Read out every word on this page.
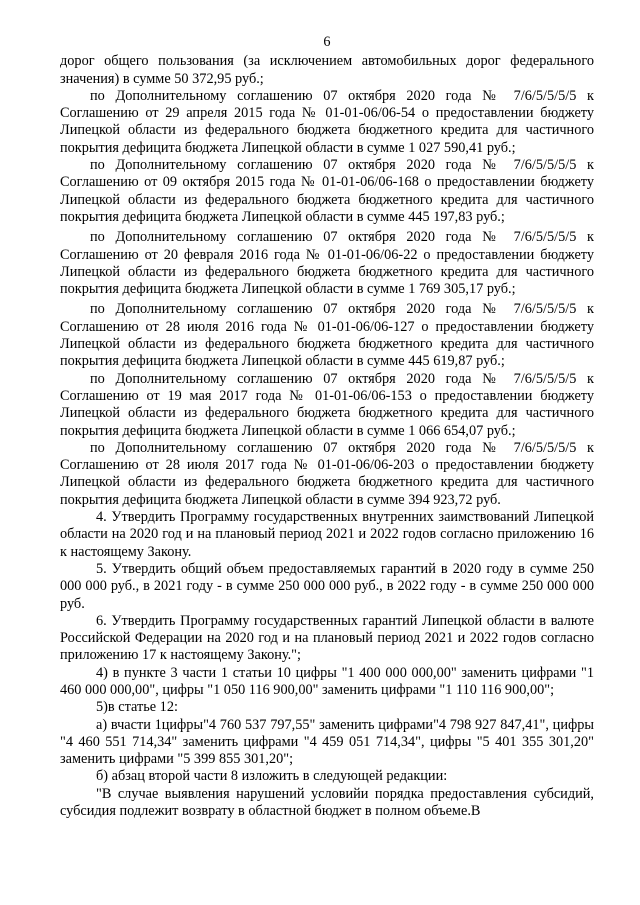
6

дорог общего пользования (за исключением автомобильных дорог федерального значения) в сумме 50 372,95 руб.;

по Дополнительному соглашению 07 октября 2020 года № 7/6/5/5/5/5 к Соглашению от 29 апреля 2015 года № 01-01-06/06-54 о предоставлении бюджету Липецкой области из федерального бюджета бюджетного кредита для частичного покрытия дефицита бюджета Липецкой области в сумме 1 027 590,41 руб.;

по Дополнительному соглашению 07 октября 2020 года № 7/6/5/5/5/5 к Соглашению от 09 октября 2015 года № 01-01-06/06-168 о предоставлении бюджету Липецкой области из федерального бюджета бюджетного кредита для частичного покрытия дефицита бюджета Липецкой области в сумме 445 197,83 руб.;

по Дополнительному соглашению 07 октября 2020 года № 7/6/5/5/5/5 к Соглашению от 20 февраля 2016 года № 01-01-06/06-22 о предоставлении бюджету Липецкой области из федерального бюджета бюджетного кредита для частичного покрытия дефицита бюджета Липецкой области в сумме 1 769 305,17 руб.;

по Дополнительному соглашению 07 октября 2020 года № 7/6/5/5/5/5 к Соглашению от 28 июля 2016 года № 01-01-06/06-127 о предоставлении бюджету Липецкой области из федерального бюджета бюджетного кредита для частичного покрытия дефицита бюджета Липецкой области в сумме 445 619,87 руб.;

по Дополнительному соглашению 07 октября 2020 года № 7/6/5/5/5/5 к Соглашению от 19 мая 2017 года № 01-01-06/06-153 о предоставлении бюджету Липецкой области из федерального бюджета бюджетного кредита для частичного покрытия дефицита бюджета Липецкой области в сумме 1 066 654,07 руб.;

по Дополнительному соглашению 07 октября 2020 года № 7/6/5/5/5/5 к Соглашению от 28 июля 2017 года № 01-01-06/06-203 о предоставлении бюджету Липецкой области из федерального бюджета бюджетного кредита для частичного покрытия дефицита бюджета Липецкой области в сумме 394 923,72 руб.

4. Утвердить Программу государственных внутренних заимствований Липецкой области на 2020 год и на плановый период 2021 и 2022 годов согласно приложению 16 к настоящему Закону.

5. Утвердить общий объем предоставляемых гарантий в 2020 году в сумме 250 000 000 руб., в 2021 году - в сумме 250 000 000 руб., в 2022 году - в сумме 250 000 000 руб.

6. Утвердить Программу государственных гарантий Липецкой области в валюте Российской Федерации на 2020 год и на плановый период 2021 и 2022 годов согласно приложению 17 к настоящему Закону.";

4) в пункте 3 части 1 статьи 10 цифры "1 400 000 000,00" заменить цифрами "1 460 000 000,00", цифры "1 050 116 900,00" заменить цифрами "1 110 116 900,00";

5)в статье 12:

а) вчасти 1цифры"4 760 537 797,55" заменить цифрами"4 798 927 847,41", цифры "4 460 551 714,34" заменить цифрами "4 459 051 714,34", цифры "5 401 355 301,20" заменить цифрами "5 399 855 301,20";

б) абзац второй части 8 изложить в следующей редакции:

"В случае выявления нарушений условийи порядка предоставления субсидий, субсидия подлежит возврату в областной бюджет в полном объеме.В
